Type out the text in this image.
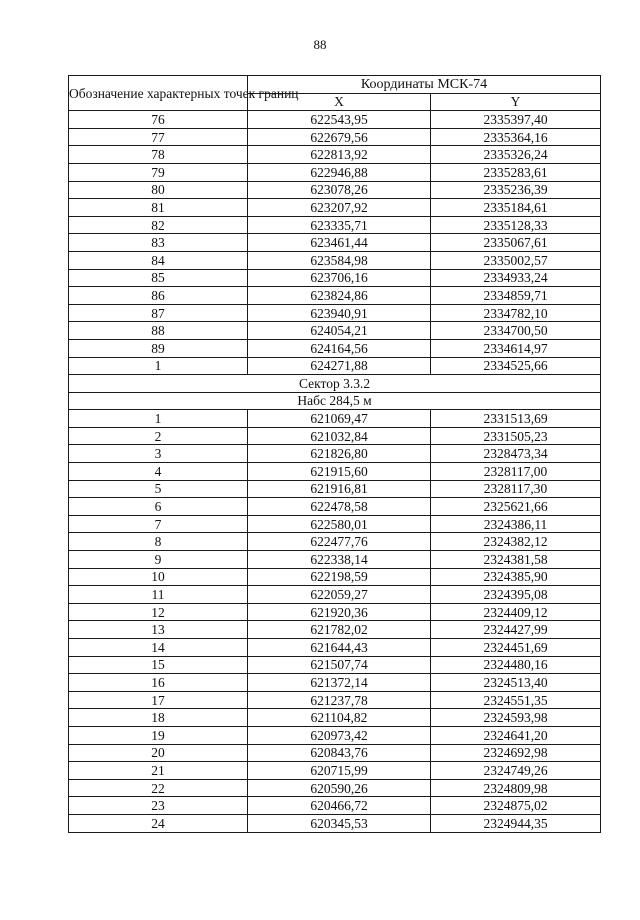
88
Обозначение характерных точек границ	Координаты МСК-74	
	X	Y
76	622543,95	2335397,40
77	622679,56	2335364,16
78	622813,92	2335326,24
79	622946,88	2335283,61
80	623078,26	2335236,39
81	623207,92	2335184,61
82	623335,71	2335128,33
83	623461,44	2335067,61
84	623584,98	2335002,57
85	623706,16	2334933,24
86	623824,86	2334859,71
87	623940,91	2334782,10
88	624054,21	2334700,50
89	624164,56	2334614,97
1	624271,88	2334525,66
Сектор 3.3.2		
Набс 284,5 м		
1	621069,47	2331513,69
2	621032,84	2331505,23
3	621826,80	2328473,34
4	621915,60	2328117,00
5	621916,81	2328117,30
6	622478,58	2325621,66
7	622580,01	2324386,11
8	622477,76	2324382,12
9	622338,14	2324381,58
10	622198,59	2324385,90
11	622059,27	2324395,08
12	621920,36	2324409,12
13	621782,02	2324427,99
14	621644,43	2324451,69
15	621507,74	2324480,16
16	621372,14	2324513,40
17	621237,78	2324551,35
18	621104,82	2324593,98
19	620973,42	2324641,20
20	620843,76	2324692,98
21	620715,99	2324749,26
22	620590,26	2324809,98
23	620466,72	2324875,02
24	620345,53	2324944,35
